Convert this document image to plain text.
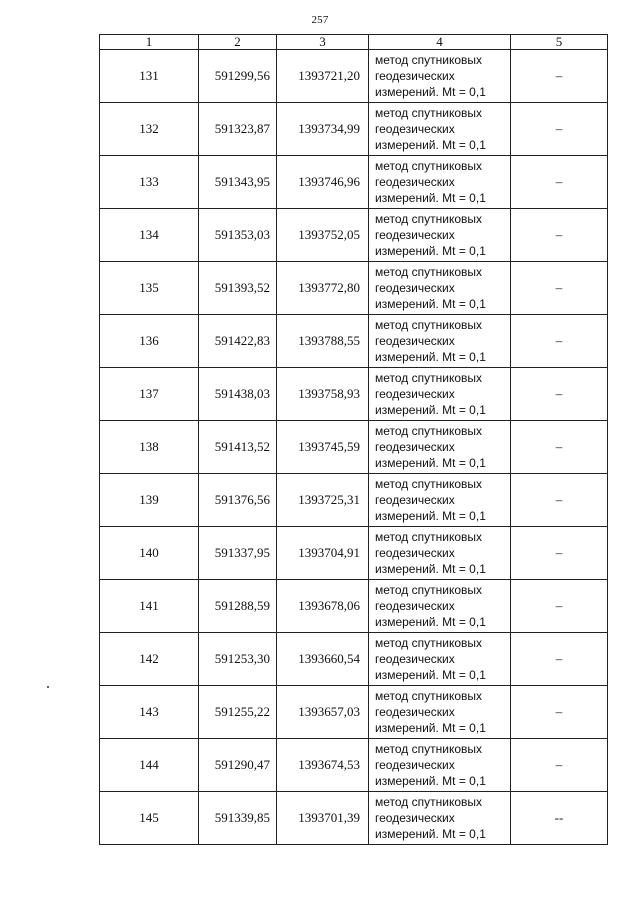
257
1	2	3	4	5
131	591299,56	1393721,20	метод спутниковых
геодезических
измерений. Mt = 0,1	–
132	591323,87	1393734,99	метод спутниковых
геодезических
измерений. Mt = 0,1	–
133	591343,95	1393746,96	метод спутниковых
геодезических
измерений. Mt = 0,1	–
134	591353,03	1393752,05	метод спутниковых
геодезических
измерений. Mt = 0,1	–
135	591393,52	1393772,80	метод спутниковых
геодезических
измерений. Mt = 0,1	–
136	591422,83	1393788,55	метод спутниковых
геодезических
измерений. Mt = 0,1	–
137	591438,03	1393758,93	метод спутниковых
геодезических
измерений. Mt = 0,1	–
138	591413,52	1393745,59	метод спутниковых
геодезических
измерений. Mt = 0,1	–
139	591376,56	1393725,31	метод спутниковых
геодезических
измерений. Mt = 0,1	–
140	591337,95	1393704,91	метод спутниковых
геодезических
измерений. Mt = 0,1	–
141	591288,59	1393678,06	метод спутниковых
геодезических
измерений. Mt = 0,1	–
142	591253,30	1393660,54	метод спутниковых
геодезических
измерений. Mt = 0,1	–
143	591255,22	1393657,03	метод спутниковых
геодезических
измерений. Mt = 0,1	–
144	591290,47	1393674,53	метод спутниковых
геодезических
измерений. Mt = 0,1	–
145	591339,85	1393701,39	метод спутниковых
геодезических
измерений. Mt = 0,1	--
